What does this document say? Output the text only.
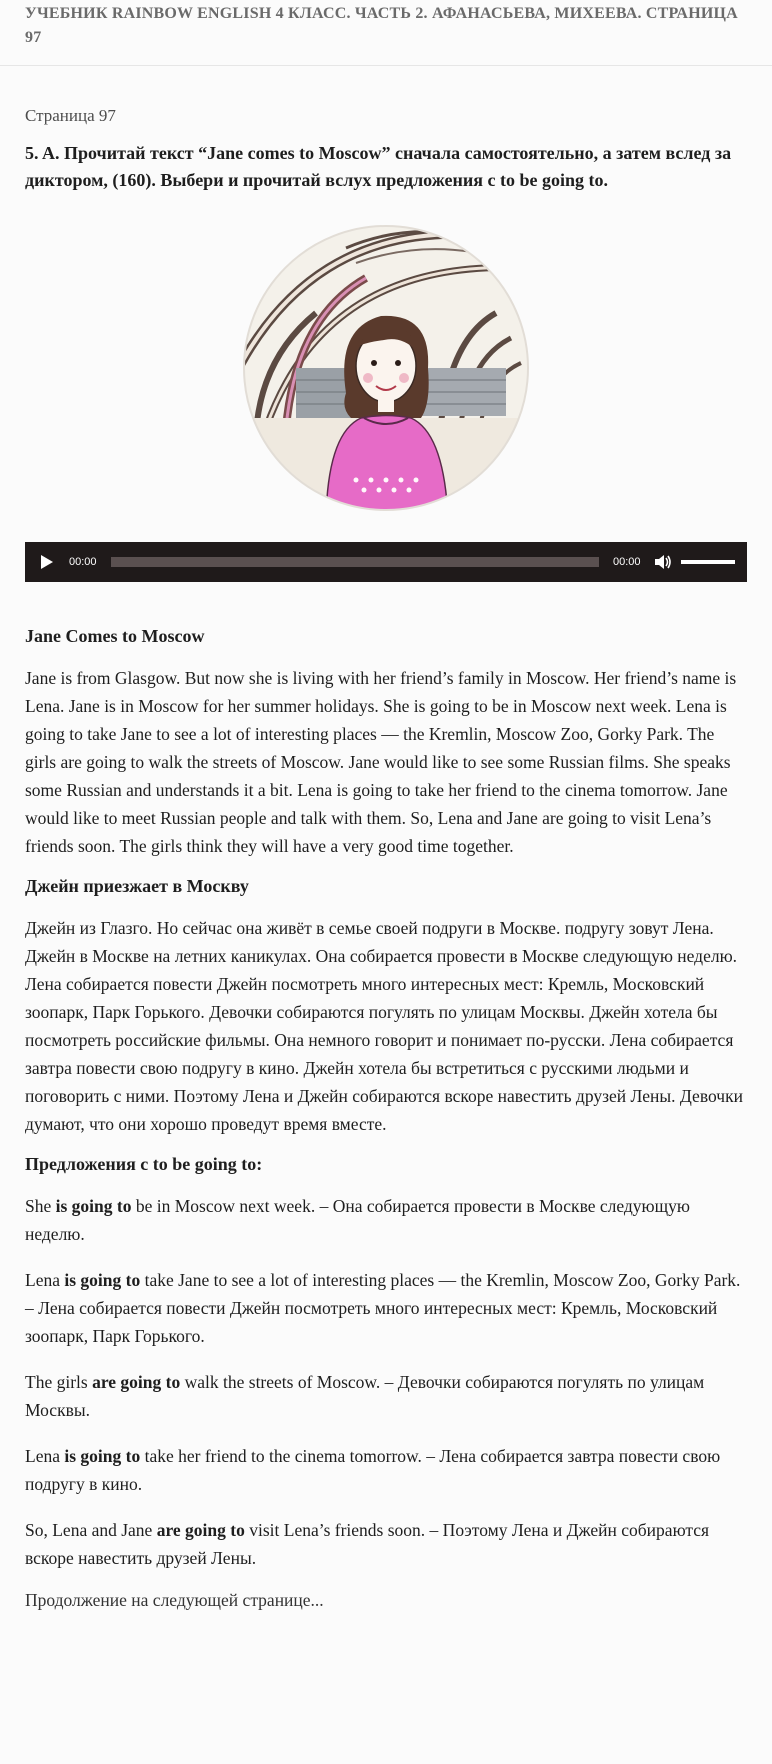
УЧЕБНИК RAINBOW ENGLISH 4 КЛАСС. ЧАСТЬ 2. АФАНАСЬЕВА, МИХЕЕВА. СТРАНИЦА 97

Страница 97

5. A. Прочитай текст “Jane comes to Moscow” сначала самостоятельно, а затем вслед за диктором, (160). Выбери и прочитай вслух предложения с to be going to.

00:00	00:00
Jane Comes to Moscow

Jane is from Glasgow. But now she is living with her friend’s family in Moscow. Her friend’s name is Lena. Jane is in Moscow for her summer holidays. She is going to be in Moscow next week. Lena is going to take Jane to see a lot of interesting places — the Kremlin, Moscow Zoo, Gorky Park. The girls are going to walk the streets of Moscow. Jane would like to see some Russian films. She speaks some Russian and understands it a bit. Lena is going to take her friend to the cinema tomorrow. Jane would like to meet Russian people and talk with them. So, Lena and Jane are going to visit Lena’s friends soon. The girls think they will have a very good time together.

Джейн приезжает в Москву

Джейн из Глазго. Но сейчас она живёт в семье своей подруги в Москве. подругу зовут Лена. Джейн в Москве на летних каникулах. Она собирается провести в Москве следующую неделю. Лена собирается повести Джейн посмотреть много интересных мест: Кремль, Московский зоопарк, Парк Горького. Девочки собираются погулять по улицам Москвы. Джейн хотела бы посмотреть российские фильмы. Она немного говорит и понимает по-русски. Лена собирается завтра повести свою подругу в кино. Джейн хотела бы встретиться с русскими людьми и поговорить с ними. Поэтому Лена и Джейн собираются вскоре навестить друзей Лены. Девочки думают, что они хорошо проведут время вместе.

Предложения с to be going to:

She is going to be in Moscow next week. – Она собирается провести в Москве следующую неделю.

Lena is going to take Jane to see a lot of interesting places — the Kremlin, Moscow Zoo, Gorky Park. – Лена собирается повести Джейн посмотреть много интересных мест: Кремль, Московский зоопарк, Парк Горького.

The girls are going to walk the streets of Moscow. – Девочки собираются погулять по улицам Москвы.

Lena is going to take her friend to the cinema tomorrow. – Лена собирается завтра повести свою подругу в кино.

So, Lena and Jane are going to visit Lena’s friends soon. – Поэтому Лена и Джейн собираются вскоре навестить друзей Лены.

Продолжение на следующей странице...
